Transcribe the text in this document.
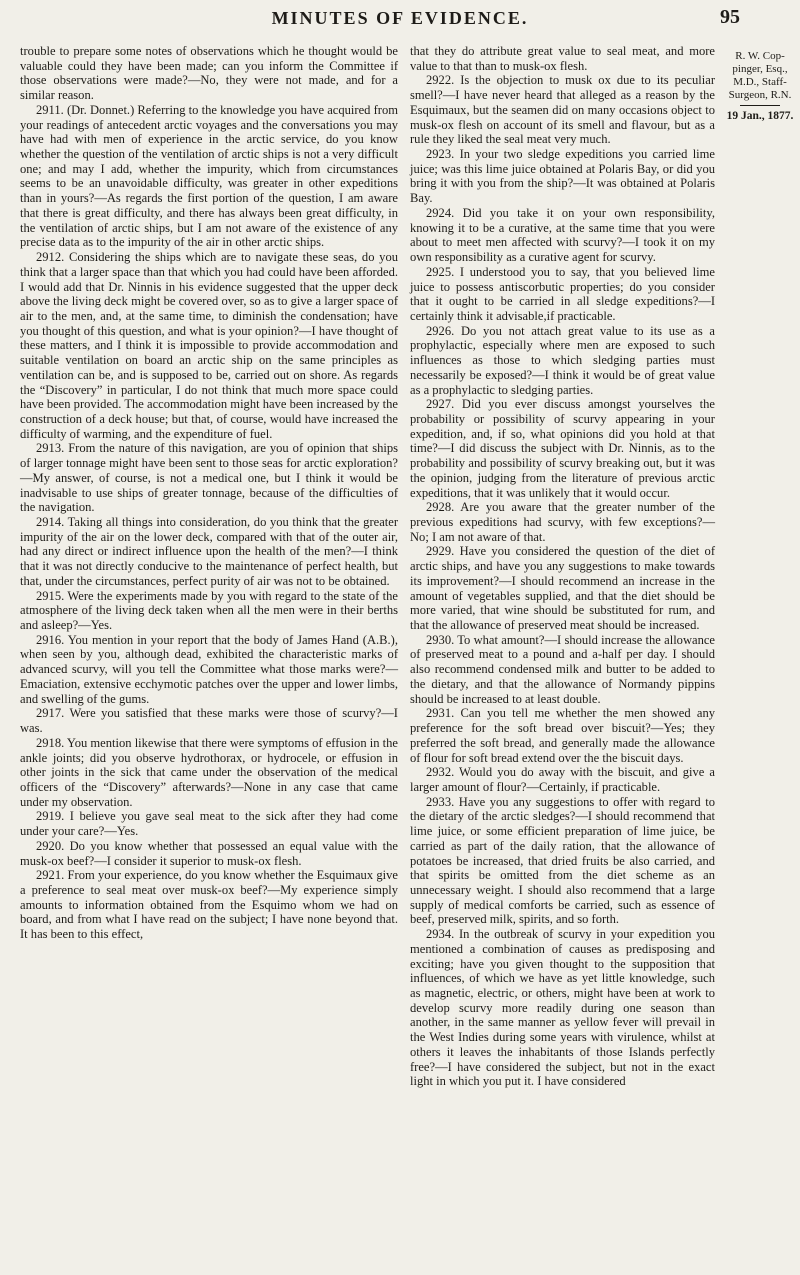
MINUTES OF EVIDENCE.	95

trouble to prepare some notes of observations which he thought would be valuable could they have been made; can you inform the Committee if those observations were made?—No, they were not made, and for a similar reason.

2911. (Dr. Donnet.) Referring to the knowledge you have acquired from your readings of antecedent arctic voyages and the conversations you may have had with men of experience in the arctic service, do you know whether the question of the ventilation of arctic ships is not a very difficult one; and may I add, whether the impurity, which from circumstances seems to be an unavoidable difficulty, was greater in other expeditions than in yours?—As regards the first portion of the question, I am aware that there is great difficulty, and there has always been great difficulty, in the ventilation of arctic ships, but I am not aware of the existence of any precise data as to the impurity of the air in other arctic ships.

2912. Considering the ships which are to navigate these seas, do you think that a larger space than that which you had could have been afforded. I would add that Dr. Ninnis in his evidence suggested that the upper deck above the living deck might be covered over, so as to give a larger space of air to the men, and, at the same time, to diminish the condensation; have you thought of this question, and what is your opinion?—I have thought of these matters, and I think it is impossible to provide accommodation and suitable ventilation on board an arctic ship on the same principles as ventilation can be, and is supposed to be, carried out on shore. As regards the “Discovery” in particular, I do not think that much more space could have been provided. The accommodation might have been increased by the construction of a deck house; but that, of course, would have increased the difficulty of warming, and the expenditure of fuel.

2913. From the nature of this navigation, are you of opinion that ships of larger tonnage might have been sent to those seas for arctic exploration?—My answer, of course, is not a medical one, but I think it would be inadvisable to use ships of greater tonnage, because of the difficulties of the navigation.

2914. Taking all things into consideration, do you think that the greater impurity of the air on the lower deck, compared with that of the outer air, had any direct or indirect influence upon the health of the men?—I think that it was not directly conducive to the maintenance of perfect health, but that, under the circumstances, perfect purity of air was not to be obtained.

2915. Were the experiments made by you with regard to the state of the atmosphere of the living deck taken when all the men were in their berths and asleep?—Yes.

2916. You mention in your report that the body of James Hand (A.B.), when seen by you, although dead, exhibited the characteristic marks of advanced scurvy, will you tell the Committee what those marks were?—Emaciation, extensive ecchymotic patches over the upper and lower limbs, and swelling of the gums.

2917. Were you satisfied that these marks were those of scurvy?—I was.

2918. You mention likewise that there were symptoms of effusion in the ankle joints; did you observe hydrothorax, or hydrocele, or effusion in other joints in the sick that came under the observation of the medical officers of the “Discovery” afterwards?—None in any case that came under my observation.

2919. I believe you gave seal meat to the sick after they had come under your care?—Yes.

2920. Do you know whether that possessed an equal value with the musk-ox beef?—I consider it superior to musk-ox flesh.

2921. From your experience, do you know whether the Esquimaux give a preference to seal meat over musk-ox beef?—My experience simply amounts to information obtained from the Esquimo whom we had on board, and from what I have read on the subject; I have none beyond that. It has been to this effect,

that they do attribute great value to seal meat, and more value to that than to musk-ox flesh.

2922. Is the objection to musk ox due to its peculiar smell?—I have never heard that alleged as a reason by the Esquimaux, but the seamen did on many occasions object to musk-ox flesh on account of its smell and flavour, but as a rule they liked the seal meat very much.

2923. In your two sledge expeditions you carried lime juice; was this lime juice obtained at Polaris Bay, or did you bring it with you from the ship?—It was obtained at Polaris Bay.

2924. Did you take it on your own responsibility, knowing it to be a curative, at the same time that you were about to meet men affected with scurvy?—I took it on my own responsibility as a curative agent for scurvy.

2925. I understood you to say, that you believed lime juice to possess antiscorbutic properties; do you consider that it ought to be carried in all sledge expeditions?—I certainly think it advisable,if practicable.

2926. Do you not attach great value to its use as a prophylactic, especially where men are exposed to such influences as those to which sledging parties must necessarily be exposed?—I think it would be of great value as a prophylactic to sledging parties.

2927. Did you ever discuss amongst yourselves the probability or possibility of scurvy appearing in your expedition, and, if so, what opinions did you hold at that time?—I did discuss the subject with Dr. Ninnis, as to the probability and possibility of scurvy breaking out, but it was the opinion, judging from the literature of previous arctic expeditions, that it was unlikely that it would occur.

2928. Are you aware that the greater number of the previous expeditions had scurvy, with few exceptions?—No; I am not aware of that.

2929. Have you considered the question of the diet of arctic ships, and have you any suggestions to make towards its improvement?—I should recommend an increase in the amount of vegetables supplied, and that the diet should be more varied, that wine should be substituted for rum, and that the allowance of preserved meat should be increased.

2930. To what amount?—I should increase the allowance of preserved meat to a pound and a-half per day. I should also recommend condensed milk and butter to be added to the dietary, and that the allowance of Normandy pippins should be increased to at least double.

2931. Can you tell me whether the men showed any preference for the soft bread over biscuit?—Yes; they preferred the soft bread, and generally made the allowance of flour for soft bread extend over the the biscuit days.

2932. Would you do away with the biscuit, and give a larger amount of flour?—Certainly, if practicable.

2933. Have you any suggestions to offer with regard to the dietary of the arctic sledges?—I should recommend that lime juice, or some efficient preparation of lime juice, be carried as part of the daily ration, that the allowance of potatoes be increased, that dried fruits be also carried, and that spirits be omitted from the diet scheme as an unnecessary weight. I should also recommend that a large supply of medical comforts be carried, such as essence of beef, preserved milk, spirits, and so forth.

2934. In the outbreak of scurvy in your expedition you mentioned a combination of causes as predisposing and exciting; have you given thought to the supposition that influences, of which we have as yet little knowledge, such as magnetic, electric, or others, might have been at work to develop scurvy more readily during one season than another, in the same manner as yellow fever will prevail in the West Indies during some years with virulence, whilst at others it leaves the inhabitants of those Islands perfectly free?—I have considered the subject, but not in the exact light in which you put it. I have considered

R. W. Cop-
pinger, Esq.,
M.D., Staff-
Surgeon, R.N.
19 Jan., 1877.
